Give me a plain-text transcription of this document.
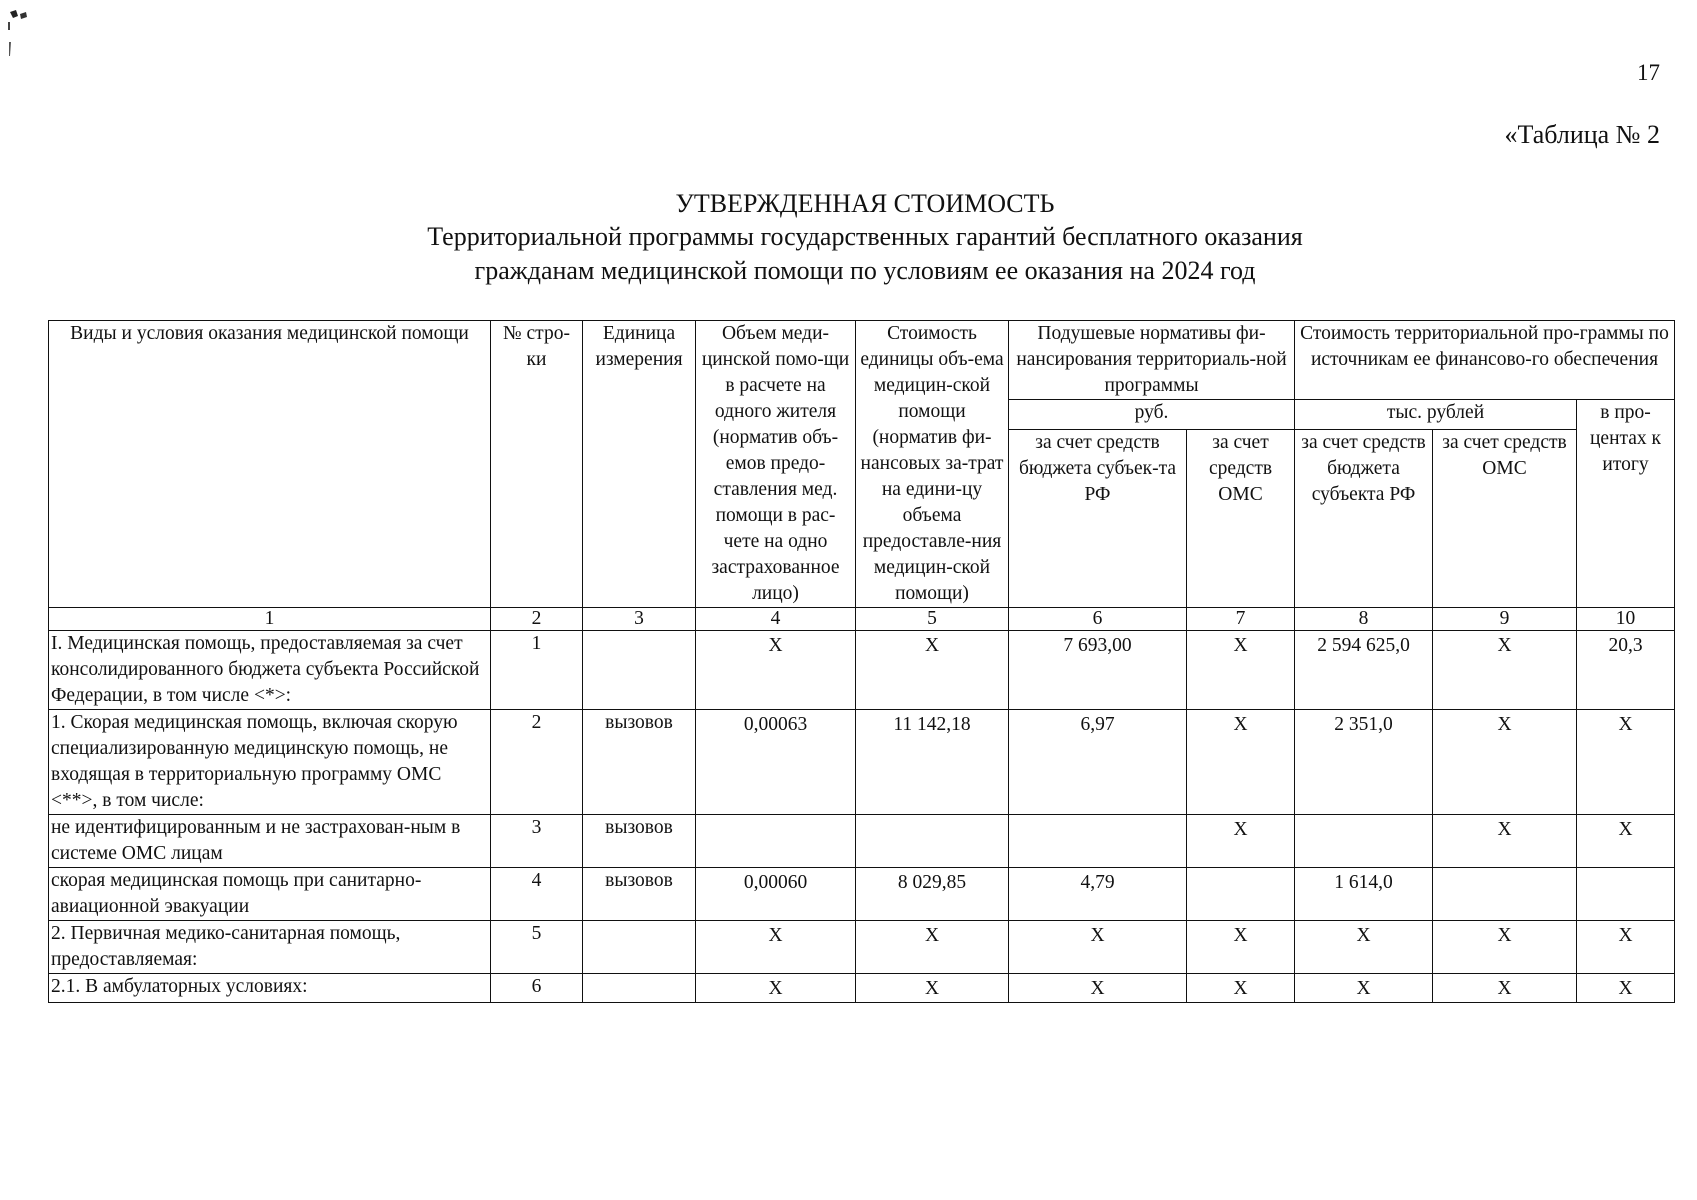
17
«Таблица № 2
УТВЕРЖДЕННАЯ СТОИМОСТЬ
Территориальной программы государственных гарантий бесплатного оказания
гражданам медицинской помощи по условиям ее оказания на 2024 год
Виды и условия оказания медицинской помощи	№ стро-ки	Единица измерения	Объем меди-цинской помо-щи в расчете на одного жителя (норматив объ-емов предо-ставления мед. помощи в рас-чете на одно застрахованное лицо)	Стоимость единицы объ-ема медицин-ской помощи (норматив фи-нансовых за-трат на едини-цу объема предоставле-ния медицин-ской помощи)	Подушевые нормативы фи-нансирования территориаль-ной программы		Стоимость территориальной про-граммы по источникам ее финансово-го обеспечения		
					руб.		тыс. рублей		в про-центах к итогу
					за счет средств бюджета субъек-та РФ	за счет средств ОМС	за счет средств бюджета субъекта РФ	за счет средств ОМС	
1	2	3	4	5	6	7	8	9	10
I. Медицинская помощь, предоставляемая за счет консолидированного бюджета субъекта Российской Федерации, в том числе <*>:	1		X	X	7 693,00	X	2 594 625,0	X	20,3
1. Скорая медицинская помощь, включая скорую специализированную медицинскую помощь, не входящая в территориальную программу ОМС <**>, в том числе:	2	вызовов	0,00063	11 142,18	6,97	X	2 351,0	X	X
не идентифицированным и не застрахован-ным в системе ОМС лицам	3	вызовов				X		X	X
скорая медицинская помощь при санитарно-авиационной эвакуации	4	вызовов	0,00060	8 029,85	4,79		1 614,0		
2. Первичная медико-санитарная помощь, предоставляемая:	5		X	X	X	X	X	X	X
2.1. В амбулаторных условиях:	6		X	X	X	X	X	X	X
